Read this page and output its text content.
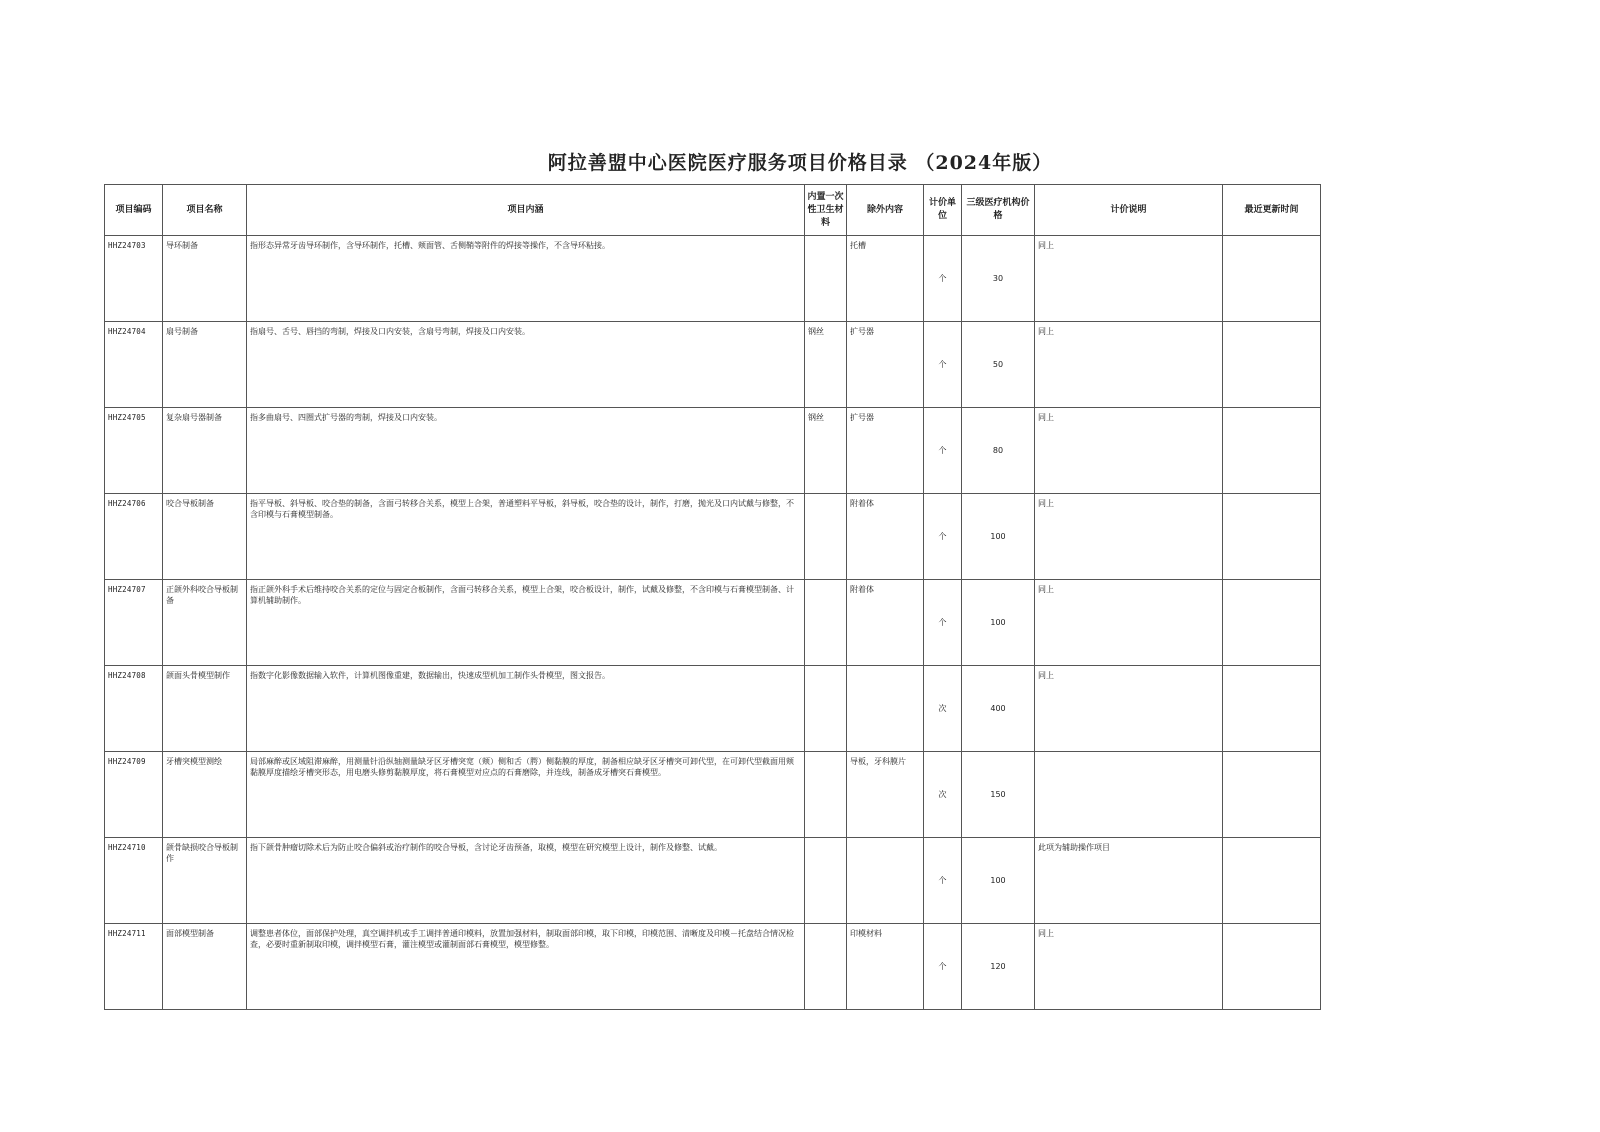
阿拉善盟中心医院医疗服务项目价格目录 （2024年版）
项目编码	项目名称	项目内涵	内置一次性卫生材料	除外内容	计价单位	三级医疗机构价格	计价说明	最近更新时间
HHZ24703	导环制备	指形态异常牙齿导环制作，含导环制作，托槽、颊面管、舌侧鞘等附件的焊接等操作，不含导环粘接。		托槽	个	30	同上	
HHZ24704	扇号制备	指扇号、舌号、唇挡的弯制，焊接及口内安装，含扇号弯制，焊接及口内安装。	钢丝	扩号器	个	50	同上	
HHZ24705	复杂扇号器制备	指多曲扇号、四圈式扩号器的弯制，焊接及口内安装。	钢丝	扩号器	个	80	同上	
HHZ24706	咬合导板制备	指平导板、斜导板、咬合垫的制备，含面弓转移合关系，模型上合架，普通塑料平导板，斜导板，咬合垫的设计，制作，打磨，抛光及口内试戴与修整，不含印模与石膏模型制备。		附着体	个	100	同上	
HHZ24707	正颌外科咬合导板制备	指正颌外科手术后维持咬合关系的定位与固定合板制作，含面弓转移合关系，模型上合架，咬合板设计，制作，试戴及修整，不含印模与石膏模型制备、计算机辅助制作。		附着体	个	100	同上	
HHZ24708	颌面头骨模型制作	指数字化影像数据输入软件，计算机图像重建，数据输出，快速成型机加工制作头骨模型，图文报告。			次	400	同上	
HHZ24709	牙槽突模型测绘	局部麻醉或区域阻滞麻醉，用测量针沿纵轴测量缺牙区牙槽突宽（颊）侧和舌（腭）侧黏膜的厚度，制备相应缺牙区牙槽突可卸代型，在可卸代型截面用颊黏膜厚度描绘牙槽突形态，用电磨头修剪黏膜厚度，将石膏模型对应点的石膏磨除，并连线，制备成牙槽突石膏模型。		导板，牙科膜片	次	150		
HHZ24710	颌骨缺损咬合导板制作	指下颌骨肿瘤切除术后为防止咬合偏斜或治疗制作的咬合导板，含讨论牙齿预备，取模，模型在研究模型上设计，制作及修整、试戴。			个	100	此项为辅助操作项目	
HHZ24711	面部模型制备	调整患者体位，面部保护处理，真空调拌机或手工调拌普通印模料，放置加强材料，制取面部印模，取下印模，印模范围、清晰度及印模－托盘结合情况检查，必要时重新制取印模，调拌模型石膏，灌注模型或灌制面部石膏模型，模型修整。		印模材料	个	120	同上	
